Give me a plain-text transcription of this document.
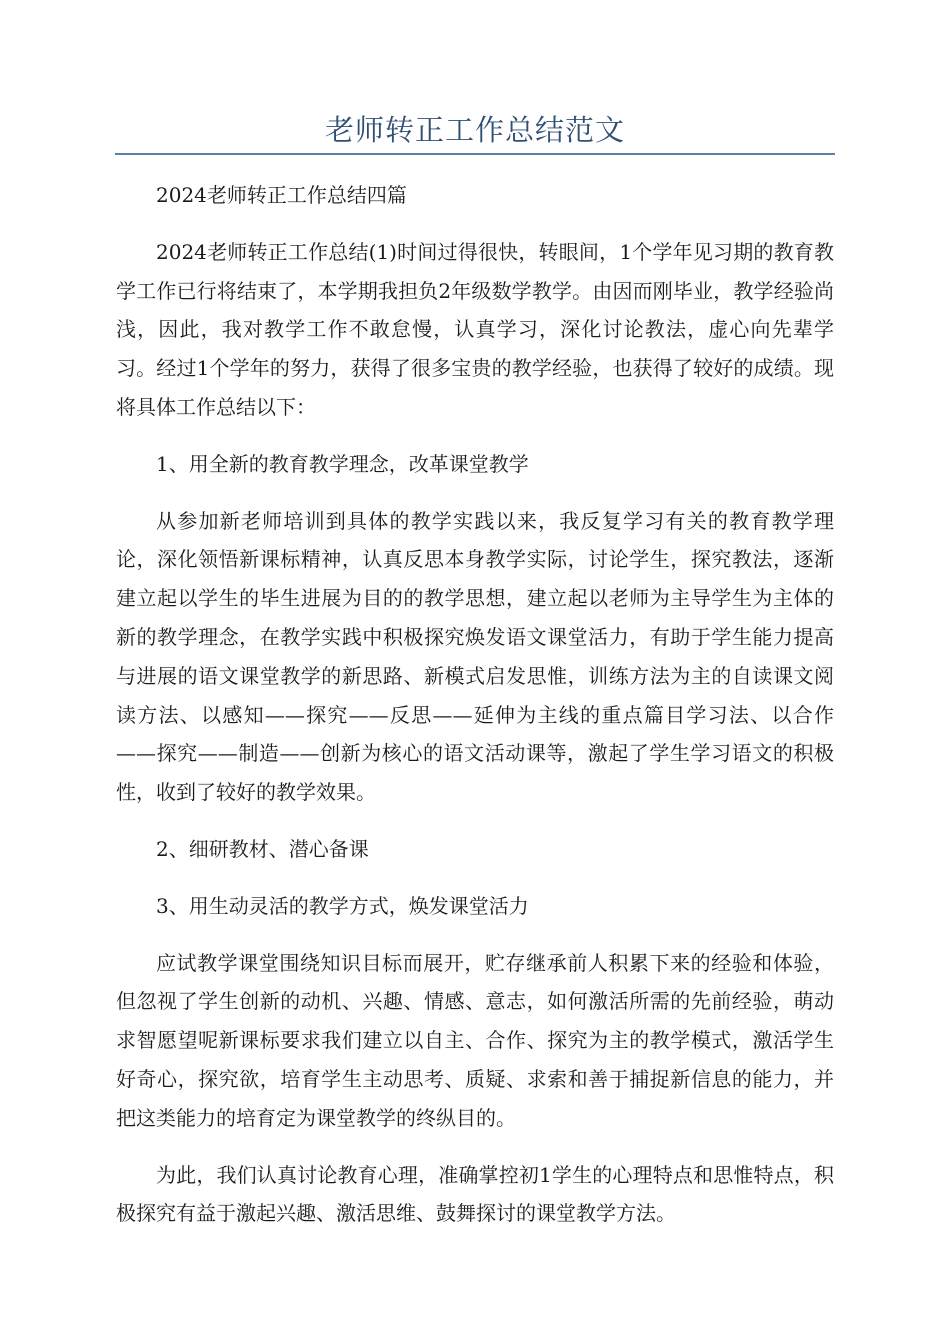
老师转正工作总结范文

2024老师转正工作总结四篇

2024老师转正工作总结(1)时间过得很快，转眼间，1个学年见习期的教育教学工作已行将结束了，本学期我担负2年级数学教学。由因而刚毕业，教学经验尚浅，因此，我对教学工作不敢怠慢，认真学习，深化讨论教法，虚心向先辈学习。经过1个学年的努力，获得了很多宝贵的教学经验，也获得了较好的成绩。现将具体工作总结以下：

1、用全新的教育教学理念，改革课堂教学

从参加新老师培训到具体的教学实践以来，我反复学习有关的教育教学理论，深化领悟新课标精神，认真反思本身教学实际，讨论学生，探究教法，逐渐建立起以学生的毕生进展为目的的教学思想，建立起以老师为主导学生为主体的新的教学理念，在教学实践中积极探究焕发语文课堂活力，有助于学生能力提高与进展的语文课堂教学的新思路、新模式启发思惟，训练方法为主的自读课文阅读方法、以感知——探究——反思——延伸为主线的重点篇目学习法、以合作——探究——制造——创新为核心的语文活动课等，激起了学生学习语文的积极性，收到了较好的教学效果。

2、细研教材、潜心备课

3、用生动灵活的教学方式，焕发课堂活力

应试教学课堂围绕知识目标而展开，贮存继承前人积累下来的经验和体验，但忽视了学生创新的动机、兴趣、情感、意志，如何激活所需的先前经验，萌动求智愿望呢新课标要求我们建立以自主、合作、探究为主的教学模式，激活学生好奇心，探究欲，培育学生主动思考、质疑、求索和善于捕捉新信息的能力，并把这类能力的培育定为课堂教学的终纵目的。

为此，我们认真讨论教育心理，准确掌控初1学生的心理特点和思惟特点，积极探究有益于激起兴趣、激活思维、鼓舞探讨的课堂教学方法。
